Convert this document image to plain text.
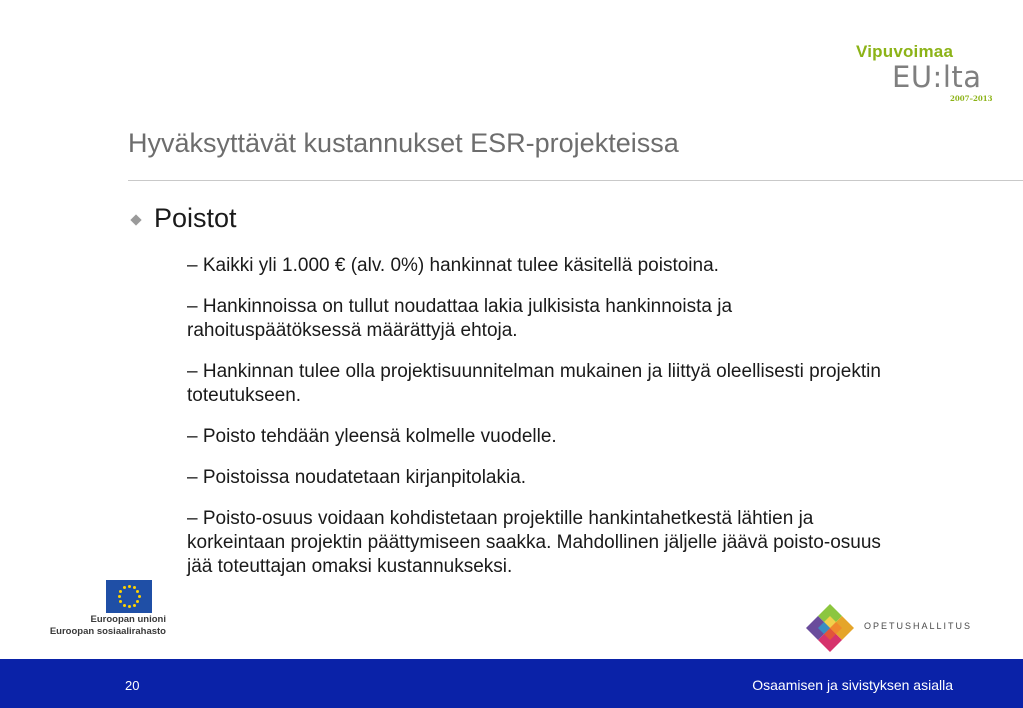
Vipuvoimaa
EU:lta
2007–2013
Hyväksyttävät kustannukset ESR-projekteissa
Poistot
– Kaikki yli 1.000 € (alv. 0%) hankinnat tulee käsitellä poistoina.
– Hankinnoissa on tullut noudattaa lakia julkisista hankinnoista ja rahoituspäätöksessä määrättyjä ehtoja.
– Hankinnan tulee olla projektisuunnitelman mukainen ja liittyä oleellisesti projektin toteutukseen.
– Poisto tehdään yleensä kolmelle vuodelle.
– Poistoissa noudatetaan kirjanpitolakia.
– Poisto-osuus voidaan kohdistetaan projektille hankintahetkestä lähtien ja korkeintaan projektin päättymiseen saakka. Mahdollinen jäljelle jäävä poisto-osuus jää toteuttajan omaksi kustannukseksi.
Euroopan unioni
Euroopan sosiaalirahasto	OPETUSHALLITUS
20	Osaamisen ja sivistyksen asialla
